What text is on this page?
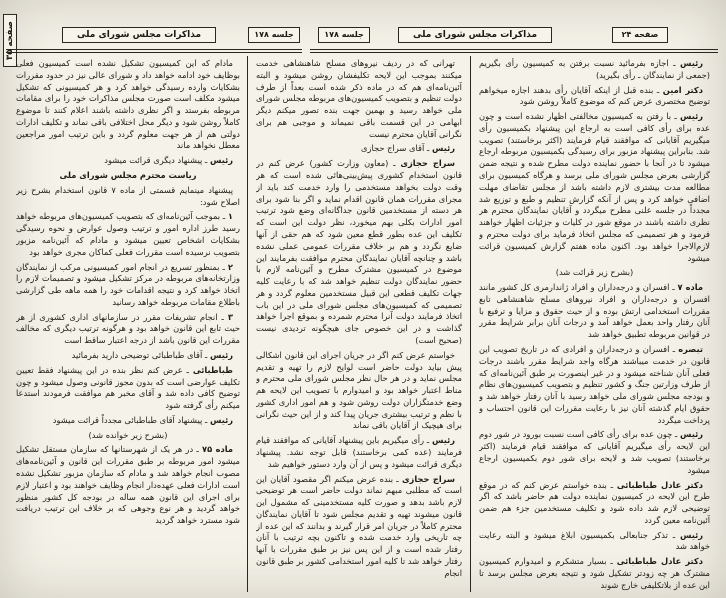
صفحه ۳۵	مذاکرات مجلس شورای ملی	جلسه ۱۷۸	جلسه ۱۷۸	مذاکرات مجلس شورای ملی	صفحه ۲۴

رئیس ـ اجازه بفرمائید نسبت برفتن به کمیسیون رأی بگیریم (جمعی از نمایندگان ـ رأی بگیرید)

دکتر امین ـ بنده قبل از اینکه آقایان رأی بدهند اجازه میخواهم توضیح مختصری عرض کنم که موضوع کاملاً روشن شود

رئیس ـ با رفتن به کمیسیون مخالفتی اظهار نشده است و چون عده برای رأی کافی است به ارجاع این پیشنهاد بکمیسیون رأی میگیریم آقایانی که موافقند قیام فرمایند (اکثر برخاستند) تصویب شد. بنابراین پیشنهاد مزبور برای رسیدگی بکمیسیون مربوطه ارجاع میشود تا در آنجا با حضور نماینده دولت مطرح شده و نتیجه ضمن گزارشی بعرض مجلس شورای ملی برسد و هرگاه کمیسیون برای مطالعه مدت بیشتری لازم داشته باشد از مجلس تقاضای مهلت اضافی خواهد کرد و پس از آنکه گزارش تنظیم و طبع و توزیع شد مجدداً در جلسه علنی مطرح میگردد و آقایان نمایندگان محترم هر نظری داشته باشند در موقع شور در کلیات و جزئیات اظهار خواهند فرمود و هر تصمیمی که مجلس اتخاذ فرماید برای دولت محترم و لازم‌الاجرا خواهد بود. اکنون ماده هفتم گزارش کمیسیون قرائت میشود

(بشرح زیر قرائت شد)

ماده ۷ ـ افسران و درجه‌داران و افراد ژاندارمری کل کشور مانند افسران و درجه‌داران و افراد نیروهای مسلح شاهنشاهی تابع مقررات استخدامی ارتش بوده و از حیث حقوق و مزایا و ترفیع با آنان رفتار واحد بعمل خواهد آمد و درجات آنان برابر شرایط مقرر در قوانین مربوطه تطبیق خواهد شد

تبصره ـ افسران و درجه‌داران و افرادی که در تاریخ تصویب این قانون در خدمت میباشند هرگاه واجد شرایط مقرر باشند درجات فعلی آنان شناخته میشود و در غیر اینصورت بر طبق آئین‌نامه‌ای که از طرف وزارتین جنگ و کشور تنظیم و بتصویب کمیسیون‌های نظام و بودجه مجلس شورای ملی خواهد رسید با آنان رفتار خواهد شد و حقوق ایام گذشته آنان نیز با رعایت مقررات این قانون احتساب و پرداخت میگردد

رئیس ـ چون عده برای رأی کافی است نسبت بورود در شور دوم این لایحه رأی میگیریم آقایانی که موافقند قیام فرمایند (اکثر برخاستند) تصویب شد و لایحه برای شور دوم بکمیسیون ارجاع میشود

دکتر عادل طباطبائی ـ بنده خواستم عرض کنم که در موقع طرح این لایحه در کمیسیون نماینده دولت هم حاضر باشد که اگر توضیحی لازم شد داده شود و تکلیف مستخدمین جزء هم ضمن آئین‌نامه معین گردد

رئیس ـ تذکر جنابعالی بکمیسیون ابلاغ میشود و البته رعایت خواهد شد

دکتر عادل طباطبائی ـ بسیار متشکرم و امیدوارم کمیسیون مشترک هر چه زودتر تشکیل شود و نتیجه بعرض مجلس برسد تا این عده از بلاتکلیفی خارج شوند

تهرانی که در ردیف نیروهای مسلح شاهنشاهی خدمت میکنند بموجب این لایحه تکلیفشان روشن میشود و البته آئین‌نامه‌ای هم که در ماده ذکر شده است بعداً از طرف دولت تنظیم و بتصویب کمیسیون‌های مربوطه مجلس شورای ملی خواهد رسید و بهمین جهت بنده تصور میکنم دیگر ابهامی در این قسمت باقی نمیماند و موجبی هم برای نگرانی آقایان محترم نیست

رئیس ـ آقای سراج حجازی

سراج حجازی ـ (معاون وزارت کشور) عرض کنم در قانون استخدام کشوری پیش‌بینی‌هائی شده است که هر وقت دولت بخواهد مستخدمی را وارد خدمت کند باید از مجرای مقررات همان قانون اقدام نماید و اگر بنا شود برای هر دسته از مستخدمین قانون جداگانه‌ای وضع شود ترتیب امور ادارات بکلی بهم میخورد، نظر دولت این است که تکلیف این عده بطور قطع معین شود که هم حقی از آنها ضایع نگردد و هم بر خلاف مقررات عمومی عملی نشده باشد و چنانچه آقایان نمایندگان محترم موافقت بفرمایند این موضوع در کمیسیون مشترک مطرح و آئین‌نامه لازم با حضور نمایندگان دولت تنظیم خواهد شد که با رعایت کلیه جهات تکلیف قطعی این قبیل مستخدمین معلوم گردد و هر تصمیمی که کمیسیون‌های مجلس شورای ملی در این باب اتخاذ فرمایند دولت آنرا محترم شمرده و بموقع اجرا خواهد گذاشت و در این خصوص جای هیچگونه تردیدی نیست (صحیح است)

خواستم عرض کنم اگر در جریان اجرای این قانون اشکالی پیش بیاید دولت حاضر است لوایح لازم را تهیه و تقدیم مجلس نماید و در هر حال نظر مجلس شورای ملی محترم و مناط اعتبار خواهد بود و امیدوارم با تصویب این لایحه هم وضع خدمتگزاران دولت روشن شود و هم امور اداری کشور با نظم و ترتیب بیشتری جریان پیدا کند و از این حیث نگرانی برای هیچیک از آقایان باقی نماند

رئیس ـ رأی میگیریم باین پیشنهاد آقایانی که موافقند قیام فرمایند (عده کمی برخاستند) قابل توجه نشد. پیشنهاد دیگری قرائت میشود و پس از آن وارد دستور خواهیم شد

سراج حجازی ـ بنده عرض میکنم اگر مقصود آقایان این است که مطلبی مبهم نماند دولت حاضر است هر توضیحی لازم باشد بدهد و صورت کلیه مستخدمینی که مشمول این قانون میشوند تهیه و تقدیم مجلس شود تا آقایان نمایندگان محترم کاملاً در جریان امر قرار گیرند و بدانند که این عده از چه تاریخی وارد خدمت شده و تاکنون بچه ترتیب با آنان رفتار شده است و از این پس نیز بر طبق مقررات با آنها رفتار خواهد شد تا کلیه امور استخدامی کشور بر طبق قانون انجام

مادام که این کمیسیون تشکیل نشده است کمیسیون فعلی بوظایف خود ادامه خواهد داد و شورای عالی نیز در حدود مقررات بشکایات وارده رسیدگی خواهد کرد و هر کمیسیونی که تشکیل میشود مکلف است صورت مجلس مذاکرات خود را برای مقامات مربوطه بفرستد و اگر نظری داشته باشند اعلام کنند تا موضوع کاملاً روشن شود و دیگر محل اختلافی باقی نماند و تکلیف ادارات دولتی هم از هر جهت معلوم گردد و باین ترتیب امور مراجعین معطل نخواهد ماند

رئیس ـ پیشنهاد دیگری قرائت میشود

ریاست محترم مجلس شورای ملی

پیشنهاد مینمایم قسمتی از ماده ۷ قانون استخدام بشرح زیر اصلاح شود:

۱ ـ بموجب آئین‌نامه‌ای که بتصویب کمیسیون‌های مربوطه خواهد رسید طرز اداره امور و ترتیب وصول عوارض و نحوه رسیدگی بشکایات اشخاص تعیین میشود و مادام که آئین‌نامه مزبور بتصویب نرسیده است مقررات فعلی کماکان مجری خواهد بود

۲ ـ بمنظور تسریع در انجام امور کمیسیونی مرکب از نمایندگان وزارتخانه‌های مربوطه در مرکز تشکیل میشود و تصمیمات لازم را اتخاذ خواهد کرد و نتیجه اقدامات خود را همه ماهه طی گزارشی باطلاع مقامات مربوطه خواهد رسانید

۳ ـ انجام تشریفات مقرر در سازمانهای اداری کشوری از هر حیث تابع این قانون خواهد بود و هرگونه ترتیب دیگری که مخالف مقررات این قانون باشد از درجه اعتبار ساقط است

رئیس ـ آقای طباطبائی توضیحی دارید بفرمائید

طباطبائی ـ عرض کنم نظر بنده در این پیشنهاد فقط تعیین تکلیف عوارضی است که بدون مجوز قانونی وصول میشود و چون توضیح کافی داده شد و آقای مخبر هم موافقت فرمودند استدعا میکنم رأی گرفته شود

رئیس ـ پیشنهاد آقای طباطبائی مجدداً قرائت میشود

(بشرح زیر خوانده شد)

ماده ۷۵ ـ در هر یک از شهرستانها که سازمان مستقل تشکیل میشود امور مربوطه بر طبق مقررات این قانون و آئین‌نامه‌های مصوب انجام خواهد شد و مادام که سازمان مزبور تشکیل نشده است ادارات فعلی عهده‌دار انجام وظایف خواهند بود و اعتبار لازم برای اجرای این قانون همه ساله در بودجه کل کشور منظور خواهد گردید و هر نوع وجوهی که بر خلاف این ترتیب دریافت شود مسترد خواهد گردید
